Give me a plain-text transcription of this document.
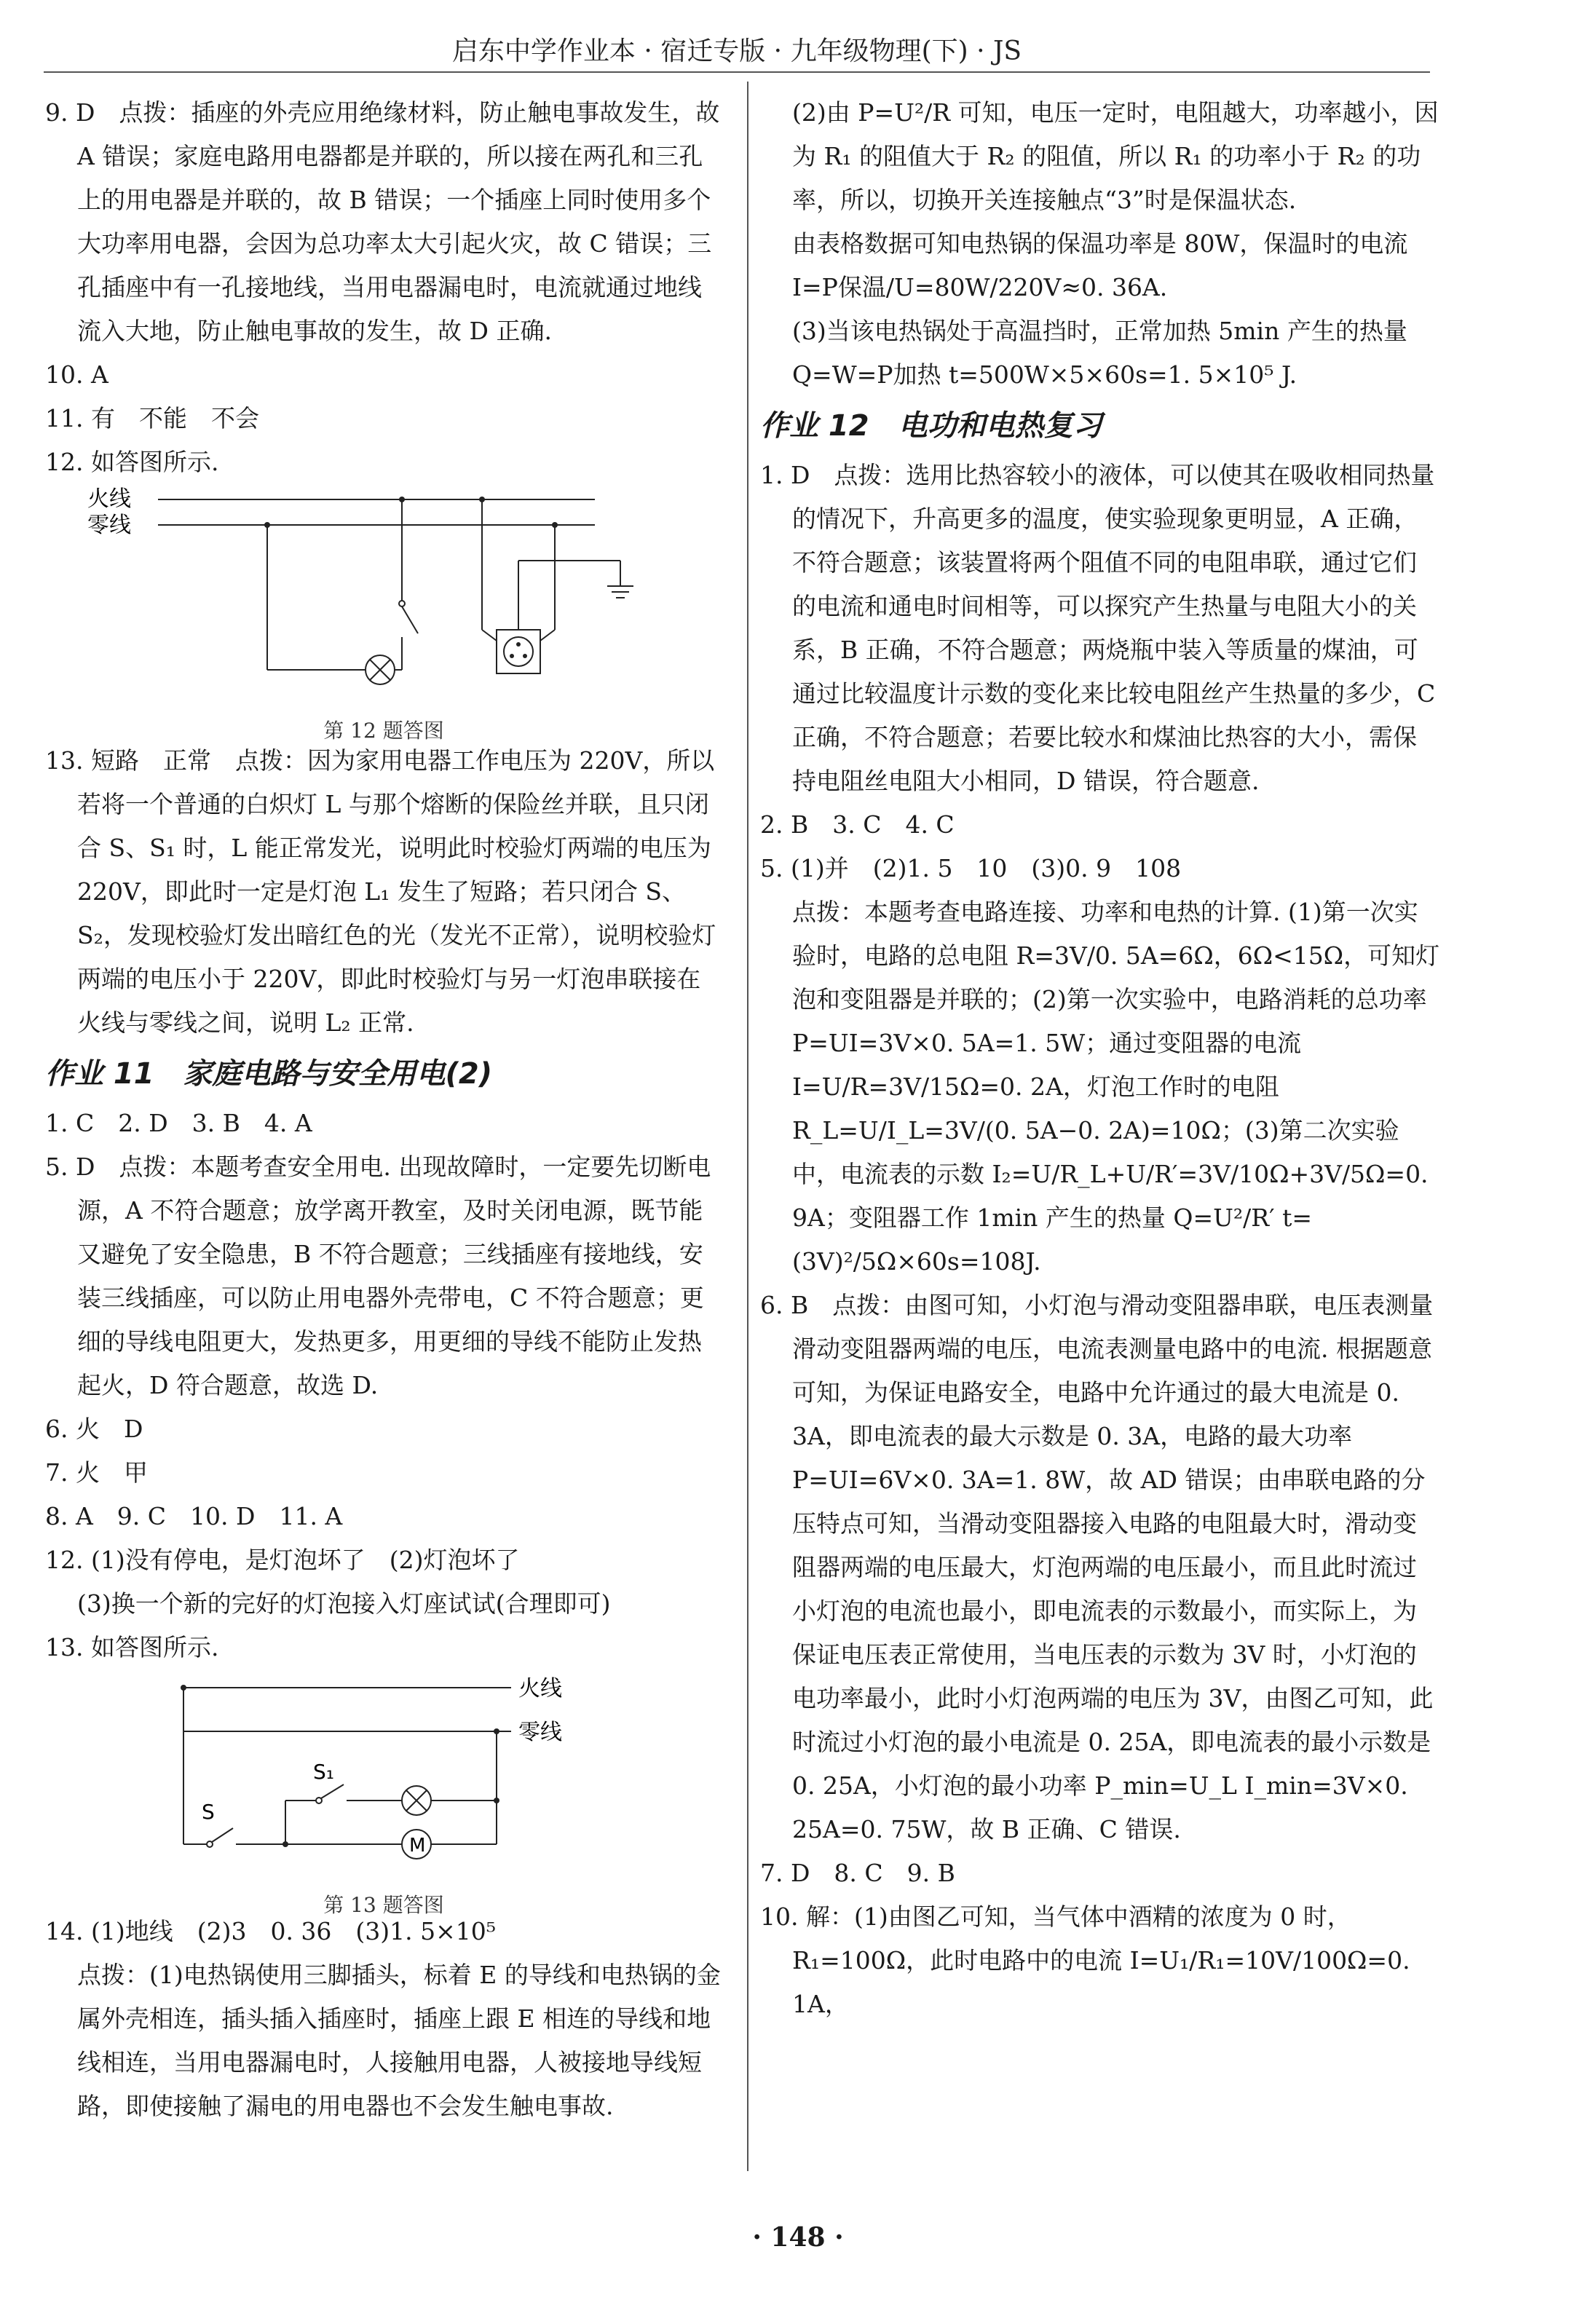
启东中学作业本 · 宿迁专版 · 九年级物理(下) · JS

9. D　点拨：插座的外壳应用绝缘材料，防止触电事故发生，故 A 错误；家庭电路用电器都是并联的，所以接在两孔和三孔上的用电器是并联的，故 B 错误；一个插座上同时使用多个大功率用电器，会因为总功率太大引起火灾，故 C 错误；三孔插座中有一孔接地线，当用电器漏电时，电流就通过地线流入大地，防止触电事故的发生，故 D 正确.

10. A

11. 有　不能　不会

12. 如答图所示.

火线
零线
第 12 题答图

13. 短路　正常　点拨：因为家用电器工作电压为 220V，所以若将一个普通的白炽灯 L 与那个熔断的保险丝并联，且只闭合 S、S₁ 时，L 能正常发光，说明此时校验灯两端的电压为 220V，即此时一定是灯泡 L₁ 发生了短路；若只闭合 S、S₂，发现校验灯发出暗红色的光（发光不正常），说明校验灯两端的电压小于 220V，即此时校验灯与另一灯泡串联接在火线与零线之间，说明 L₂ 正常.

作业 11　家庭电路与安全用电(2)

1. C　2. D　3. B　4. A

5. D　点拨：本题考查安全用电. 出现故障时，一定要先切断电源，A 不符合题意；放学离开教室，及时关闭电源，既节能又避免了安全隐患，B 不符合题意；三线插座有接地线，安装三线插座，可以防止用电器外壳带电，C 不符合题意；更细的导线电阻更大，发热更多，用更细的导线不能防止发热起火，D 符合题意，故选 D.

6. 火　D

7. 火　甲

8. A　9. C　10. D　11. A

12. (1)没有停电，是灯泡坏了　(2)灯泡坏了

(3)换一个新的完好的灯泡接入灯座试试(合理即可)

13. 如答图所示.

火线
零线
S
S₁
M
第 13 题答图

14. (1)地线　(2)3　0. 36　(3)1. 5×10⁵

点拨：(1)电热锅使用三脚插头，标着 E 的导线和电热锅的金属外壳相连，插头插入插座时，插座上跟 E 相连的导线和地线相连，当用电器漏电时，人接触用电器，人被接地导线短路，即使接触了漏电的用电器也不会发生触电事故.

(2)由 P=U²/R 可知，电压一定时，电阻越大，功率越小，因为 R₁ 的阻值大于 R₂ 的阻值，所以 R₁ 的功率小于 R₂ 的功率，所以，切换开关连接触点“3”时是保温状态.

由表格数据可知电热锅的保温功率是 80W，保温时的电流 I=P保温/U=80W/220V≈0. 36A.

(3)当该电热锅处于高温挡时，正常加热 5min 产生的热量 Q=W=P加热 t=500W×5×60s=1. 5×10⁵ J.

作业 12　电功和电热复习

1. D　点拨：选用比热容较小的液体，可以使其在吸收相同热量的情况下，升高更多的温度，使实验现象更明显，A 正确，不符合题意；该装置将两个阻值不同的电阻串联，通过它们的电流和通电时间相等，可以探究产生热量与电阻大小的关系，B 正确，不符合题意；两烧瓶中装入等质量的煤油，可通过比较温度计示数的变化来比较电阻丝产生热量的多少，C 正确，不符合题意；若要比较水和煤油比热容的大小，需保持电阻丝电阻大小相同，D 错误，符合题意.

2. B　3. C　4. C

5. (1)并　(2)1. 5　10　(3)0. 9　108

点拨：本题考查电路连接、功率和电热的计算. (1)第一次实验时，电路的总电阻 R=3V/0. 5A=6Ω，6Ω<15Ω，可知灯泡和变阻器是并联的；(2)第一次实验中，电路消耗的总功率 P=UI=3V×0. 5A=1. 5W；通过变阻器的电流 I=U/R=3V/15Ω=0. 2A，灯泡工作时的电阻 R_L=U/I_L=3V/(0. 5A−0. 2A)=10Ω；(3)第二次实验中，电流表的示数 I₂=U/R_L+U/R′=3V/10Ω+3V/5Ω=0. 9A；变阻器工作 1min 产生的热量 Q=U²/R′ t=(3V)²/5Ω×60s=108J.

6. B　点拨：由图可知，小灯泡与滑动变阻器串联，电压表测量滑动变阻器两端的电压，电流表测量电路中的电流. 根据题意可知，为保证电路安全，电路中允许通过的最大电流是 0. 3A，即电流表的最大示数是 0. 3A，电路的最大功率 P=UI=6V×0. 3A=1. 8W，故 AD 错误；由串联电路的分压特点可知，当滑动变阻器接入电路的电阻最大时，滑动变阻器两端的电压最大，灯泡两端的电压最小，而且此时流过小灯泡的电流也最小，即电流表的示数最小，而实际上，为保证电压表正常使用，当电压表的示数为 3V 时，小灯泡的电功率最小，此时小灯泡两端的电压为 3V，由图乙可知，此时流过小灯泡的最小电流是 0. 25A，即电流表的最小示数是 0. 25A，小灯泡的最小功率 P_min=U_L I_min=3V×0. 25A=0. 75W，故 B 正确、C 错误.

7. D　8. C　9. B

10. 解：(1)由图乙可知，当气体中酒精的浓度为 0 时，R₁=100Ω，此时电路中的电流 I=U₁/R₁=10V/100Ω=0. 1A，

· 148 ·
